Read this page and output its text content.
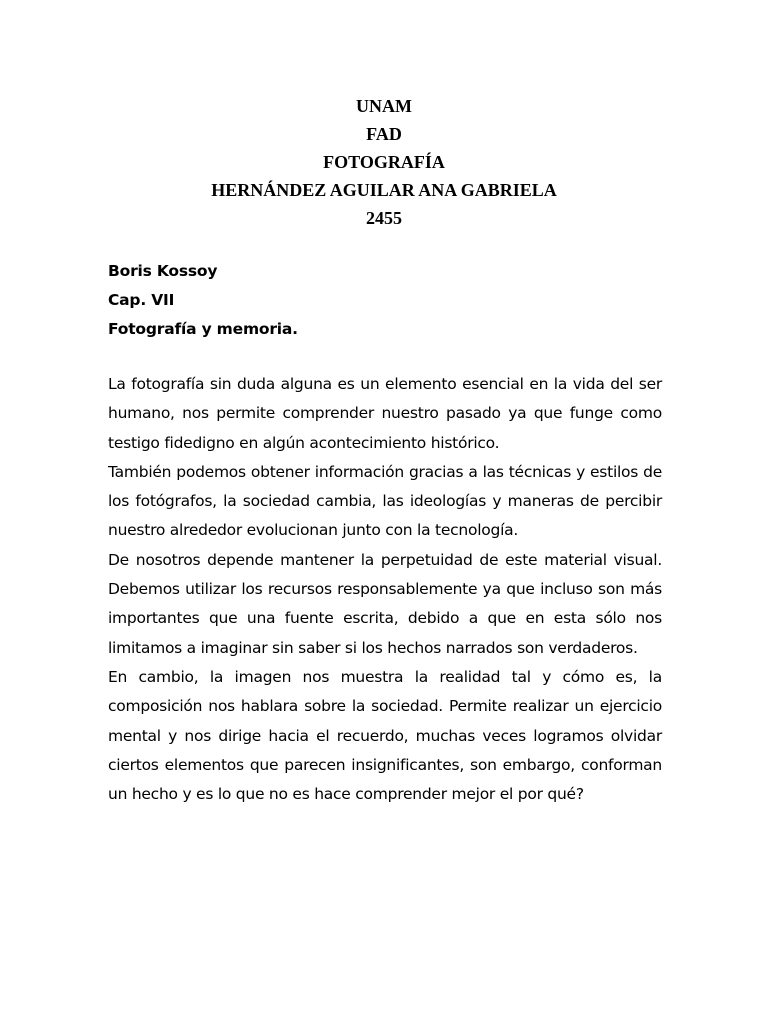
UNAM
FAD
FOTOGRAFÍA
HERNÁNDEZ AGUILAR ANA GABRIELA
2455
Boris Kossoy
Cap. VII
Fotografía y memoria.

La fotografía sin duda alguna es un elemento esencial en la vida del ser humano, nos permite comprender nuestro pasado ya que funge como testigo fidedigno en algún acontecimiento histórico.

También podemos obtener información gracias a las técnicas y estilos de los fotógrafos, la sociedad cambia, las ideologías y maneras de percibir nuestro alrededor evolucionan junto con la tecnología.

De nosotros depende mantener la perpetuidad de este material visual. Debemos utilizar los recursos responsablemente ya que incluso son más importantes que una fuente escrita, debido a que en esta sólo nos limitamos a imaginar sin saber si los hechos narrados son verdaderos.

En cambio, la imagen nos muestra la realidad tal y cómo es, la composición nos hablara sobre la sociedad. Permite realizar un ejercicio mental y nos dirige hacia el recuerdo, muchas veces logramos olvidar ciertos elementos que parecen insignificantes, son embargo, conforman un hecho y es lo que no es hace comprender mejor el por qué?
